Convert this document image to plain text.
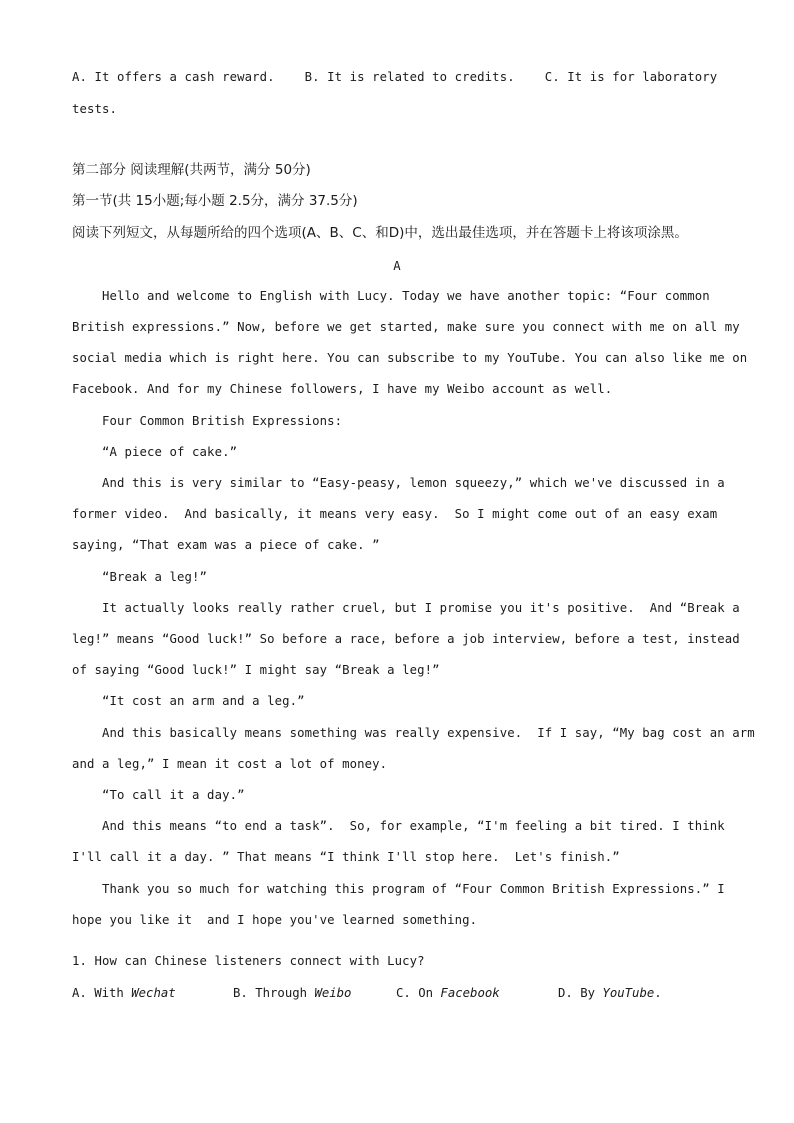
A. It offers a cash reward.    B. It is related to credits.    C. It is for laboratory
tests.
第二部分 阅读理解(共两节，满分 50分)
第一节(共 15小题;每小题 2.5分，满分 37.5分)
阅读下列短文，从每题所给的四个选项(A、B、C、和D)中，选出最佳选项，并在答题卡上将该项涂黑。
A
Hello and welcome to English with Lucy. Today we have another topic: “Four common
British expressions.” Now, before we get started, make sure you connect with me on all my
social media which is right here. You can subscribe to my YouTube. You can also like me on
Facebook. And for my Chinese followers, I have my Weibo account as well.
Four Common British Expressions:
“A piece of cake.”
And this is very similar to “Easy-peasy, lemon squeezy,” which we've discussed in a
former video.  And basically, it means very easy.  So I might come out of an easy exam
saying, “That exam was a piece of cake. ”
“Break a leg!”
It actually looks really rather cruel, but I promise you it's positive.  And “Break a
leg!” means “Good luck!” So before a race, before a job interview, before a test, instead
of saying “Good luck!” I might say “Break a leg!”
“It cost an arm and a leg.”
And this basically means something was really expensive.  If I say, “My bag cost an arm
and a leg,” I mean it cost a lot of money.
“To call it a day.”
And this means “to end a task”.  So, for example, “I'm feeling a bit tired. I think
I'll call it a day. ” That means “I think I'll stop here.  Let's finish.”
Thank you so much for watching this program of “Four Common British Expressions.” I
hope you like it  and I hope you've learned something.
1. How can Chinese listeners connect with Lucy?
A. With Wechat	B. Through Weibo	C. On Facebook	D. By YouTube.
